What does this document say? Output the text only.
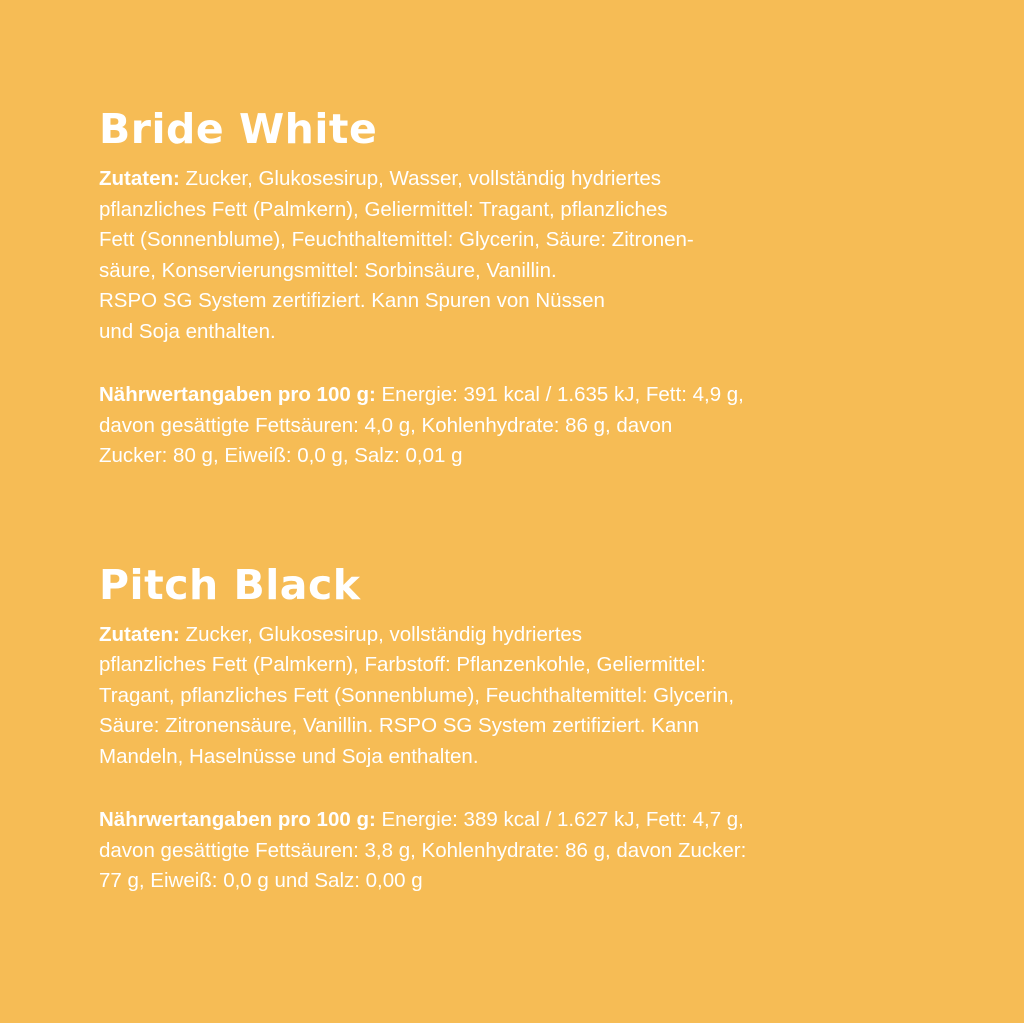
Bride White

Zutaten: Zucker, Glukosesirup, Wasser, vollständig hydriertes
pflanzliches Fett (Palmkern), Geliermittel: Tragant, pflanzliches
Fett (Sonnenblume), Feuchthaltemittel: Glycerin, Säure: Zitronen-
säure, Konservierungsmittel: Sorbinsäure, Vanillin.
RSPO SG System zertifiziert. Kann Spuren von Nüssen
und Soja enthalten.

Nährwertangaben pro 100 g: Energie: 391 kcal / 1.635 kJ, Fett: 4,9 g,
davon gesättigte Fettsäuren: 4,0 g, Kohlenhydrate: 86 g, davon
Zucker: 80 g, Eiweiß: 0,0 g, Salz: 0,01 g

Pitch Black

Zutaten: Zucker, Glukosesirup, vollständig hydriertes
pflanzliches Fett (Palmkern), Farbstoff: Pflanzenkohle, Geliermittel:
Tragant, pflanzliches Fett (Sonnenblume), Feuchthaltemittel: Glycerin,
Säure: Zitronensäure, Vanillin. RSPO SG System zertifiziert. Kann
Mandeln, Haselnüsse und Soja enthalten.

Nährwertangaben pro 100 g: Energie: 389 kcal / 1.627 kJ, Fett: 4,7 g,
davon gesättigte Fettsäuren: 3,8 g, Kohlenhydrate: 86 g, davon Zucker:
77 g, Eiweiß: 0,0 g und Salz: 0,00 g
